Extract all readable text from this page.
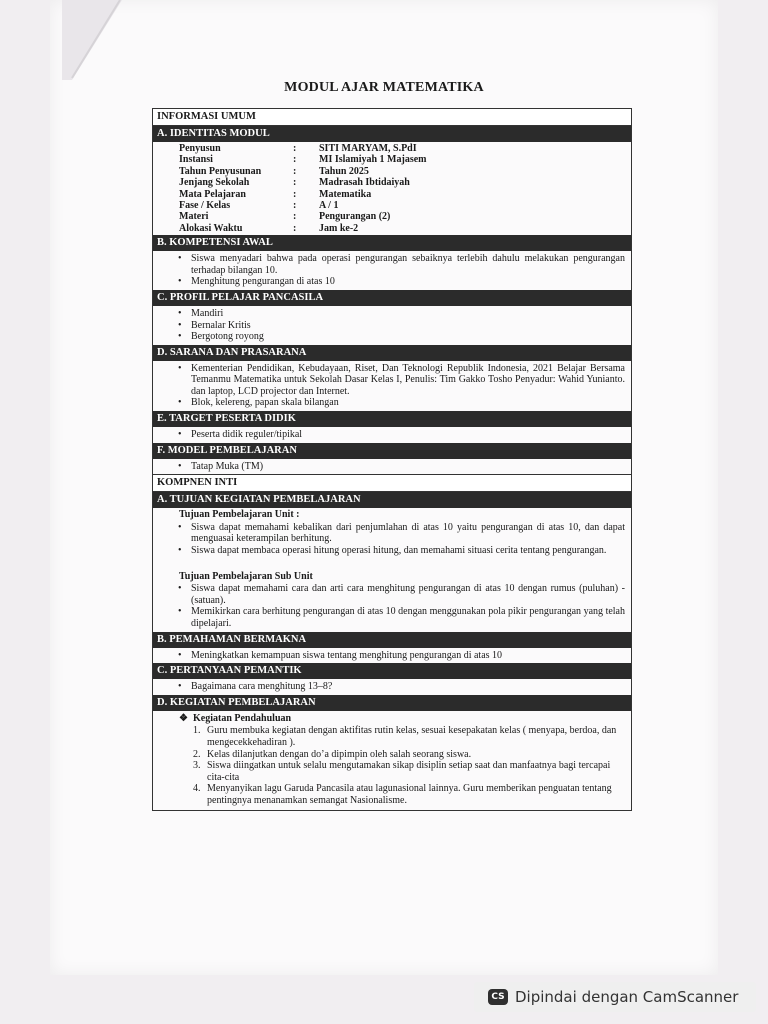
MODUL AJAR MATEMATIKA
INFORMASI UMUM
A. IDENTITAS MODUL
Penyusun	:	SITI MARYAM, S.PdI
Instansi	:	MI Islamiyah 1 Majasem
Tahun Penyusunan	:	Tahun 2025
Jenjang Sekolah	:	Madrasah Ibtidaiyah
Mata Pelajaran	:	Matematika
Fase / Kelas	:	A / 1
Materi	:	Pengurangan (2)
Alokasi Waktu	:	Jam ke-2
B. KOMPETENSI AWAL
• Siswa menyadari bahwa pada operasi pengurangan sebaiknya terlebih dahulu melakukan pengurangan terhadap bilangan 10.
• Menghitung pengurangan di atas 10
C. PROFIL PELAJAR PANCASILA
• Mandiri
• Bernalar Kritis
• Bergotong royong
D. SARANA DAN PRASARANA
• Kementerian Pendidikan, Kebudayaan, Riset, Dan Teknologi Republik Indonesia, 2021 Belajar Bersama Temanmu Matematika untuk Sekolah Dasar Kelas I, Penulis: Tim Gakko Tosho Penyadur: Wahid Yunianto. dan laptop, LCD projector dan Internet.
• Blok, kelereng, papan skala bilangan
E. TARGET PESERTA DIDIK
• Peserta didik reguler/tipikal
F. MODEL PEMBELAJARAN
• Tatap Muka (TM)
KOMPNEN INTI
A. TUJUAN KEGIATAN PEMBELAJARAN
Tujuan Pembelajaran Unit :
• Siswa dapat memahami kebalikan dari penjumlahan di atas 10 yaitu pengurangan di atas 10, dan dapat menguasai keterampilan berhitung.
• Siswa dapat membaca operasi hitung operasi hitung, dan memahami situasi cerita tentang pengurangan.
Tujuan Pembelajaran Sub Unit
• Siswa dapat memahami cara dan arti cara menghitung pengurangan di atas 10 dengan rumus (puluhan) - (satuan).
• Memikirkan cara berhitung pengurangan di atas 10 dengan menggunakan pola pikir pengurangan yang telah dipelajari.
B. PEMAHAMAN BERMAKNA
• Meningkatkan kemampuan siswa tentang menghitung pengurangan di atas 10
C. PERTANYAAN PEMANTIK
• Bagaimana cara menghitung 13–8?
D. KEGIATAN PEMBELAJARAN
❖ Kegiatan Pendahuluan
1. Guru membuka kegiatan dengan aktifitas rutin kelas, sesuai kesepakatan kelas ( menyapa, berdoa, dan mengecekkehadiran ).
2. Kelas dilanjutkan dengan do’a dipimpin oleh salah seorang siswa.
3. Siswa diingatkan untuk selalu mengutamakan sikap disiplin setiap saat dan manfaatnya bagi tercapai cita-cita
4. Menyanyikan lagu Garuda Pancasila atau lagunasional lainnya. Guru memberikan penguatan tentang pentingnya menanamkan semangat Nasionalisme.
CS Dipindai dengan CamScanner
